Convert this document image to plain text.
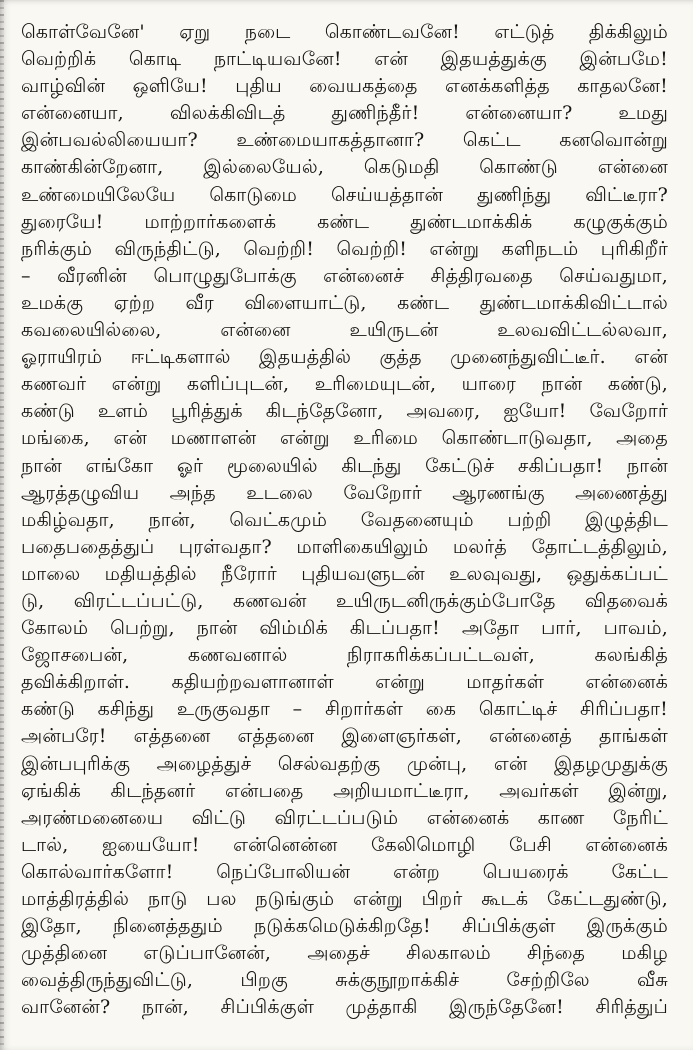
கொள்வேனே' ஏறு நடை கொண்டவனே! எட்டுத் திக்கிலும்
வெற்றிக் கொடி நாட்டியவனே! என் இதயத்துக்கு இன்பமே!
வாழ்வின் ஒளியே! புதிய வையகத்தை எனக்களித்த காதலனே!
என்னையா, விலக்கிவிடத் துணிந்தீர்! என்னையா? உமது
இன்பவல்லியையா? உண்மையாகத்தானா? கெட்ட கனவொன்று
காண்கின்றேனா, இல்லையேல், கெடுமதி கொண்டு என்னை
உண்மையிலேயே கொடுமை செய்யத்தான் துணிந்து விட்டீரா?
துரையே! மாற்றார்களைக் கண்ட துண்டமாக்கிக் கழுகுக்கும்
நரிக்கும் விருந்திட்டு, வெற்றி! வெற்றி! என்று களிநடம் புரிகிறீர்
– வீரனின் பொழுதுபோக்கு என்னைச் சித்திரவதை செய்வதுமா,
உமக்கு ஏற்ற வீர விளையாட்டு, கண்ட துண்டமாக்கிவிட்டால்
கவலையில்லை, என்னை உயிருடன் உலவவிட்டல்லவா,
ஓராயிரம் ஈட்டிகளால் இதயத்தில் குத்த முனைந்துவிட்டீர். என்
கணவர் என்று களிப்புடன், உரிமையுடன், யாரை நான் கண்டு,
கண்டு உளம் பூரித்துக் கிடந்தேனோ, அவரை, ஐயோ! வேறோர்
மங்கை, என் மணாளன் என்று உரிமை கொண்டாடுவதா, அதை
நான் எங்கோ ஓர் மூலையில் கிடந்து கேட்டுச் சகிப்பதா! நான்
ஆரத்தழுவிய அந்த உடலை வேறோர் ஆரணங்கு அணைத்து
மகிழ்வதா, நான், வெட்கமும் வேதனையும் பற்றி இழுத்திட
பதைபதைத்துப் புரள்வதா? மாளிகையிலும் மலர்த் தோட்டத்திலும்,
மாலை மதியத்தில் நீரோர் புதியவளுடன் உலவுவது, ஒதுக்கப்பட்
டு, விரட்டப்பட்டு, கணவன் உயிருடனிருக்கும்போதே விதவைக்
கோலம் பெற்று, நான் விம்மிக் கிடப்பதா! அதோ பார், பாவம்,
ஜோசபைன், கணவனால் நிராகரிக்கப்பட்டவள், கலங்கித்
தவிக்கிறாள். கதியற்றவளானாள் என்று மாதர்கள் என்னைக்
கண்டு கசிந்து உருகுவதா – சிறார்கள் கை கொட்டிச் சிரிப்பதா!
அன்பரே! எத்தனை எத்தனை இளைஞர்கள், என்னைத் தாங்கள்
இன்பபுரிக்கு அழைத்துச் செல்வதற்கு முன்பு, என் இதழமுதுக்கு
ஏங்கிக் கிடந்தனர் என்பதை அறியமாட்டீரா, அவர்கள் இன்று,
அரண்மனையை விட்டு விரட்டப்படும் என்னைக் காண நேரிட்
டால், ஐயையோ! என்னென்ன கேலிமொழி பேசி என்னைக்
கொல்வார்களோ! நெப்போலியன் என்ற பெயரைக் கேட்ட
மாத்திரத்தில் நாடு பல நடுங்கும் என்று பிறர் கூடக் கேட்டதுண்டு,
இதோ, நினைத்ததும் நடுக்கமெடுக்கிறதே! சிப்பிக்குள் இருக்கும்
முத்தினை எடுப்பானேன், அதைச் சிலகாலம் சிந்தை மகிழ
வைத்திருந்துவிட்டு, பிறகு சுக்குநூறாக்கிச் சேற்றிலே வீசு
வானேன்? நான், சிப்பிக்குள் முத்தாகி இருந்தேனே! சிரித்துப்
